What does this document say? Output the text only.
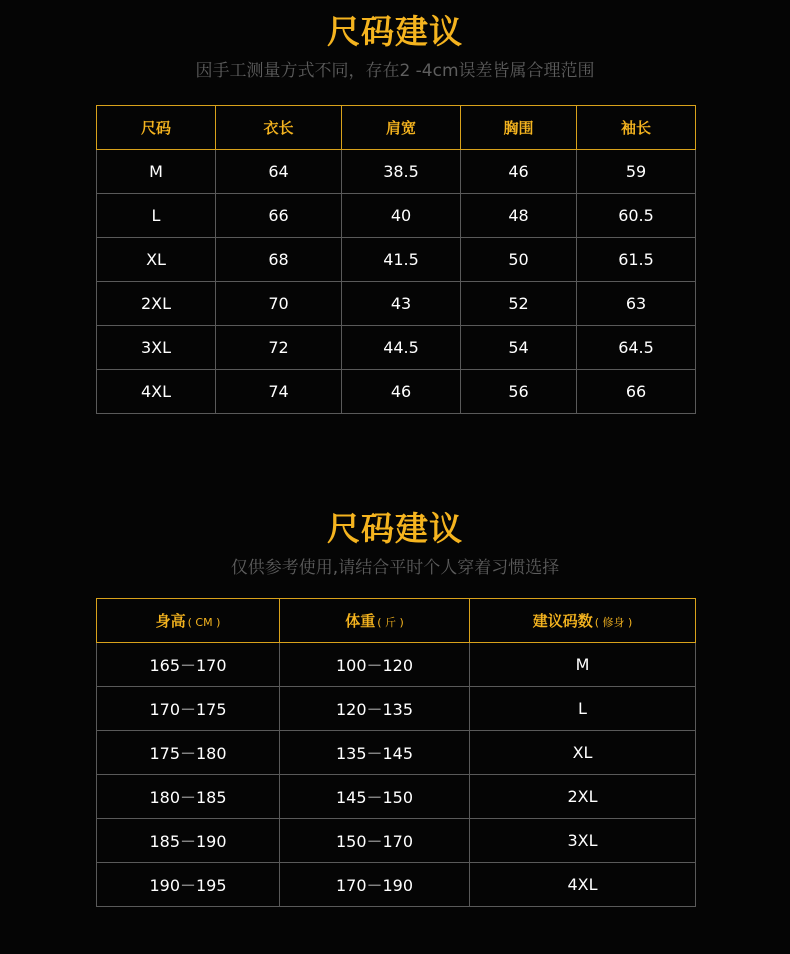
尺码建议
因手工测量方式不同，存在2 -4cm误差皆属合理范围
尺码	衣长	肩宽	胸围	袖长
M	64	38.5	46	59
L	66	40	48	60.5
XL	68	41.5	50	61.5
2XL	70	43	52	63
3XL	72	44.5	54	64.5
4XL	74	46	56	66
尺码建议
仅供参考使用,请结合平时个人穿着习惯选择
身高 ( CM )	体重 ( 斤 )	建议码数 ( 修身 )
165－170	100－120	M
170－175	120－135	L
175－180	135－145	XL
180－185	145－150	2XL
185－190	150－170	3XL
190－195	170－190	4XL
